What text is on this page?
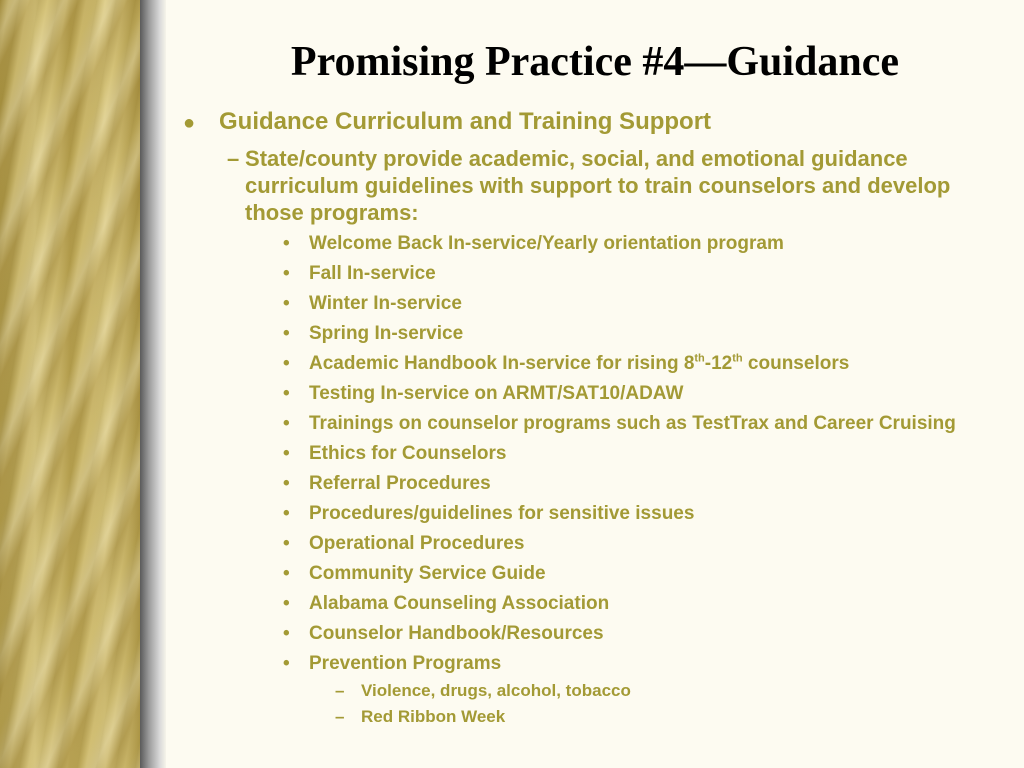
Promising Practice #4—Guidance
● Guidance Curriculum and Training Support
– State/county provide academic, social, and emotional guidance curriculum guidelines with support to train counselors and develop those programs:
•	Welcome Back In-service/Yearly orientation program
•	Fall In-service
•	Winter In-service
•	Spring In-service
•	Academic Handbook In-service for rising 8th-12th counselors
•	Testing In-service on ARMT/SAT10/ADAW
•	Trainings on counselor programs such as TestTrax and Career Cruising
•	Ethics for Counselors
•	Referral Procedures
•	Procedures/guidelines for sensitive issues
•	Operational Procedures
•	Community Service Guide
•	Alabama Counseling Association
•	Counselor Handbook/Resources
•	Prevention Programs
– Violence, drugs, alcohol, tobacco
– Red Ribbon Week
